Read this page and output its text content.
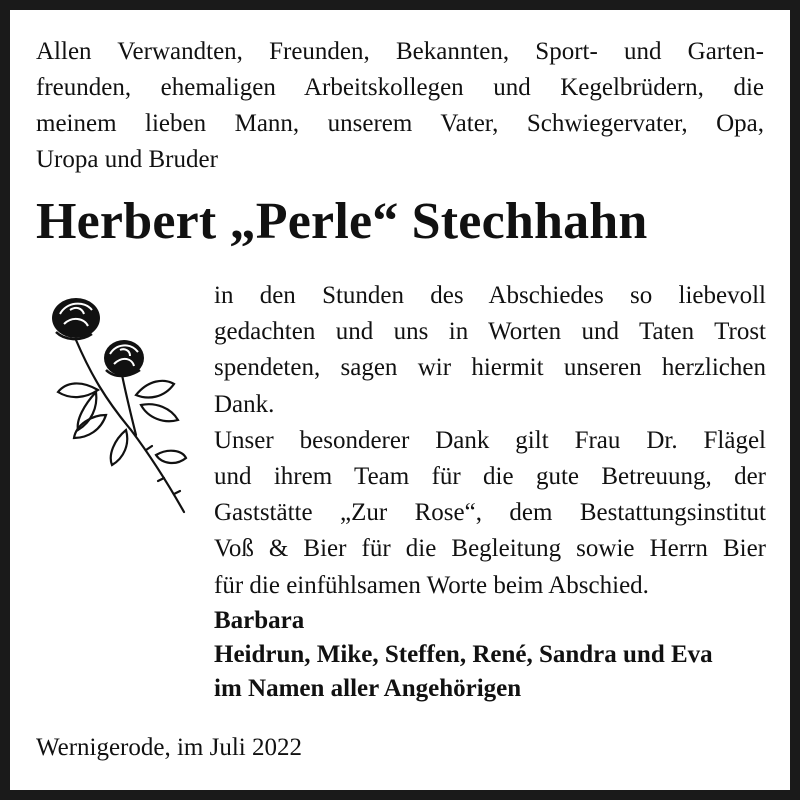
Allen Verwandten, Freunden, Bekannten, Sport- und Garten-
freunden, ehemaligen Arbeitskollegen und Kegelbrüdern, die
meinem lieben Mann, unserem Vater, Schwiegervater, Opa,
Uropa und Bruder
Herbert „Perle“ Stechhahn
in den Stunden des Abschiedes so liebevoll
gedachten und uns in Worten und Taten Trost
spendeten, sagen wir hiermit unseren herzlichen
Dank.
Unser besonderer Dank gilt Frau Dr. Flägel
und ihrem Team für die gute Betreuung, der
Gaststätte „Zur Rose“, dem Bestattungsinstitut
Voß & Bier für die Begleitung sowie Herrn Bier
für die einfühlsamen Worte beim Abschied.
Barbara
Heidrun, Mike, Steffen, René, Sandra und Eva
im Namen aller Angehörigen
Wernigerode, im Juli 2022
